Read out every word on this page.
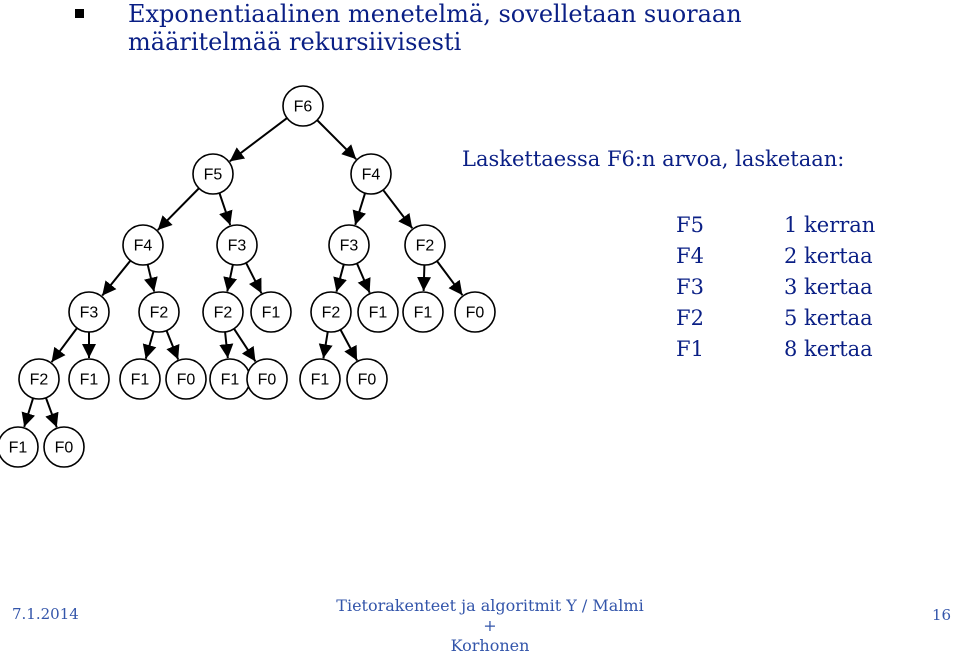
Exponentiaalinen menetelmä, sovelletaan suoraan
määritelmää rekursiivisesti
F6
F5	F4
F4	F3	F3	F2
F3	F2	F2 F1	F2 F1 F1 F0
F2 F1 F1 F0 F1 F0 F1 F0
F1 F0
Laskettaessa F6:n arvoa, lasketaan:
F5	1 kerran
F4	2 kertaa
F3	3 kertaa
F2	5 kertaa
F1	8 kertaa
7.1.2014	Tietorakenteet ja algoritmit Y / Malmi +
Korhonen
16
